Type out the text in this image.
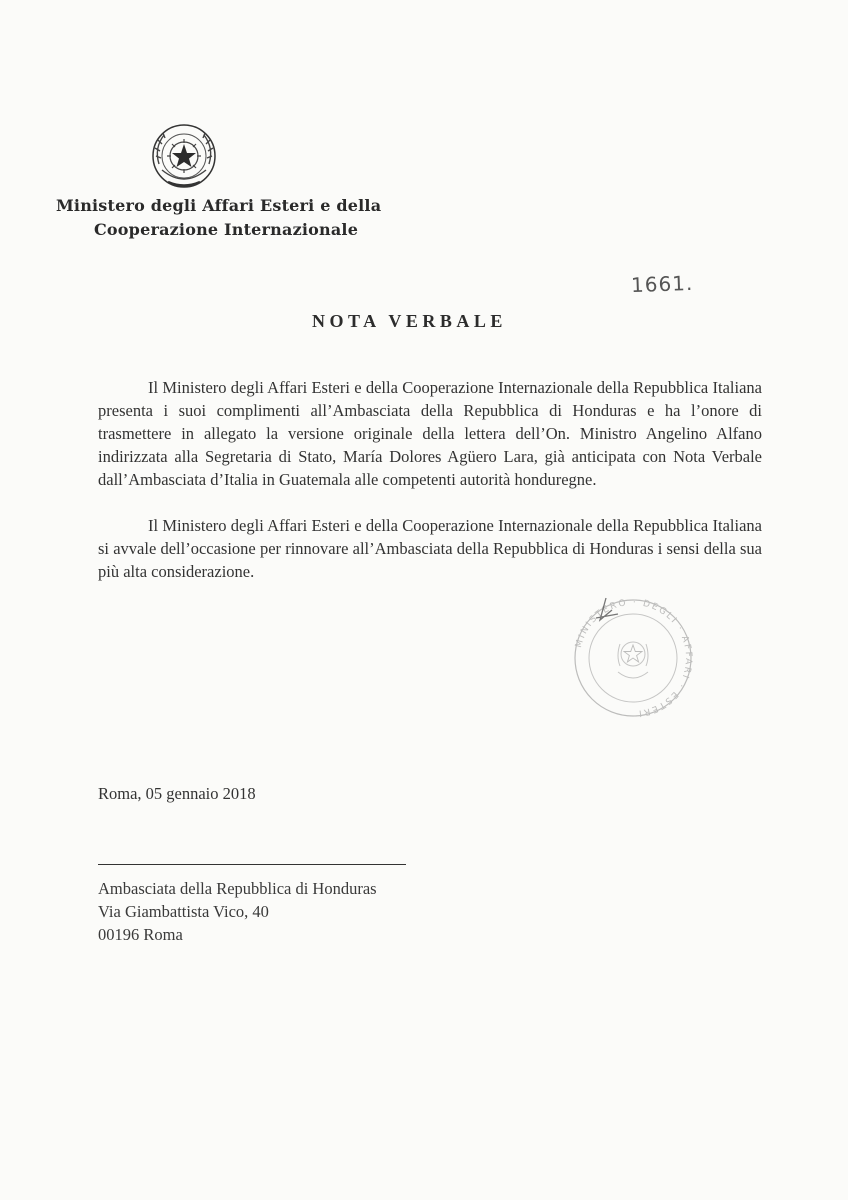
Ministero degli Affari Esteri e della
Cooperazione Internazionale
1661.
NOTA VERBALE

Il Ministero degli Affari Esteri e della Cooperazione Internazionale della Repubblica Italiana presenta i suoi complimenti all’Ambasciata della Repubblica di Honduras e ha l’onore di trasmettere in allegato la versione originale della lettera dell’On. Ministro Angelino Alfano indirizzata alla Segretaria di Stato, María Dolores Agüero Lara, già anticipata con Nota Verbale dall’Ambasciata d’Italia in Guatemala alle competenti autorità honduregne.

Il Ministero degli Affari Esteri e della Cooperazione Internazionale della Repubblica Italiana si avvale dell’occasione per rinnovare all’Ambasciata della Repubblica di Honduras i sensi della sua più alta considerazione.

MINISTERO · DEGLI · AFFARI · ESTERI
Roma, 05 gennaio 2018
Ambasciata della Repubblica di Honduras
Via Giambattista Vico, 40
00196 Roma
